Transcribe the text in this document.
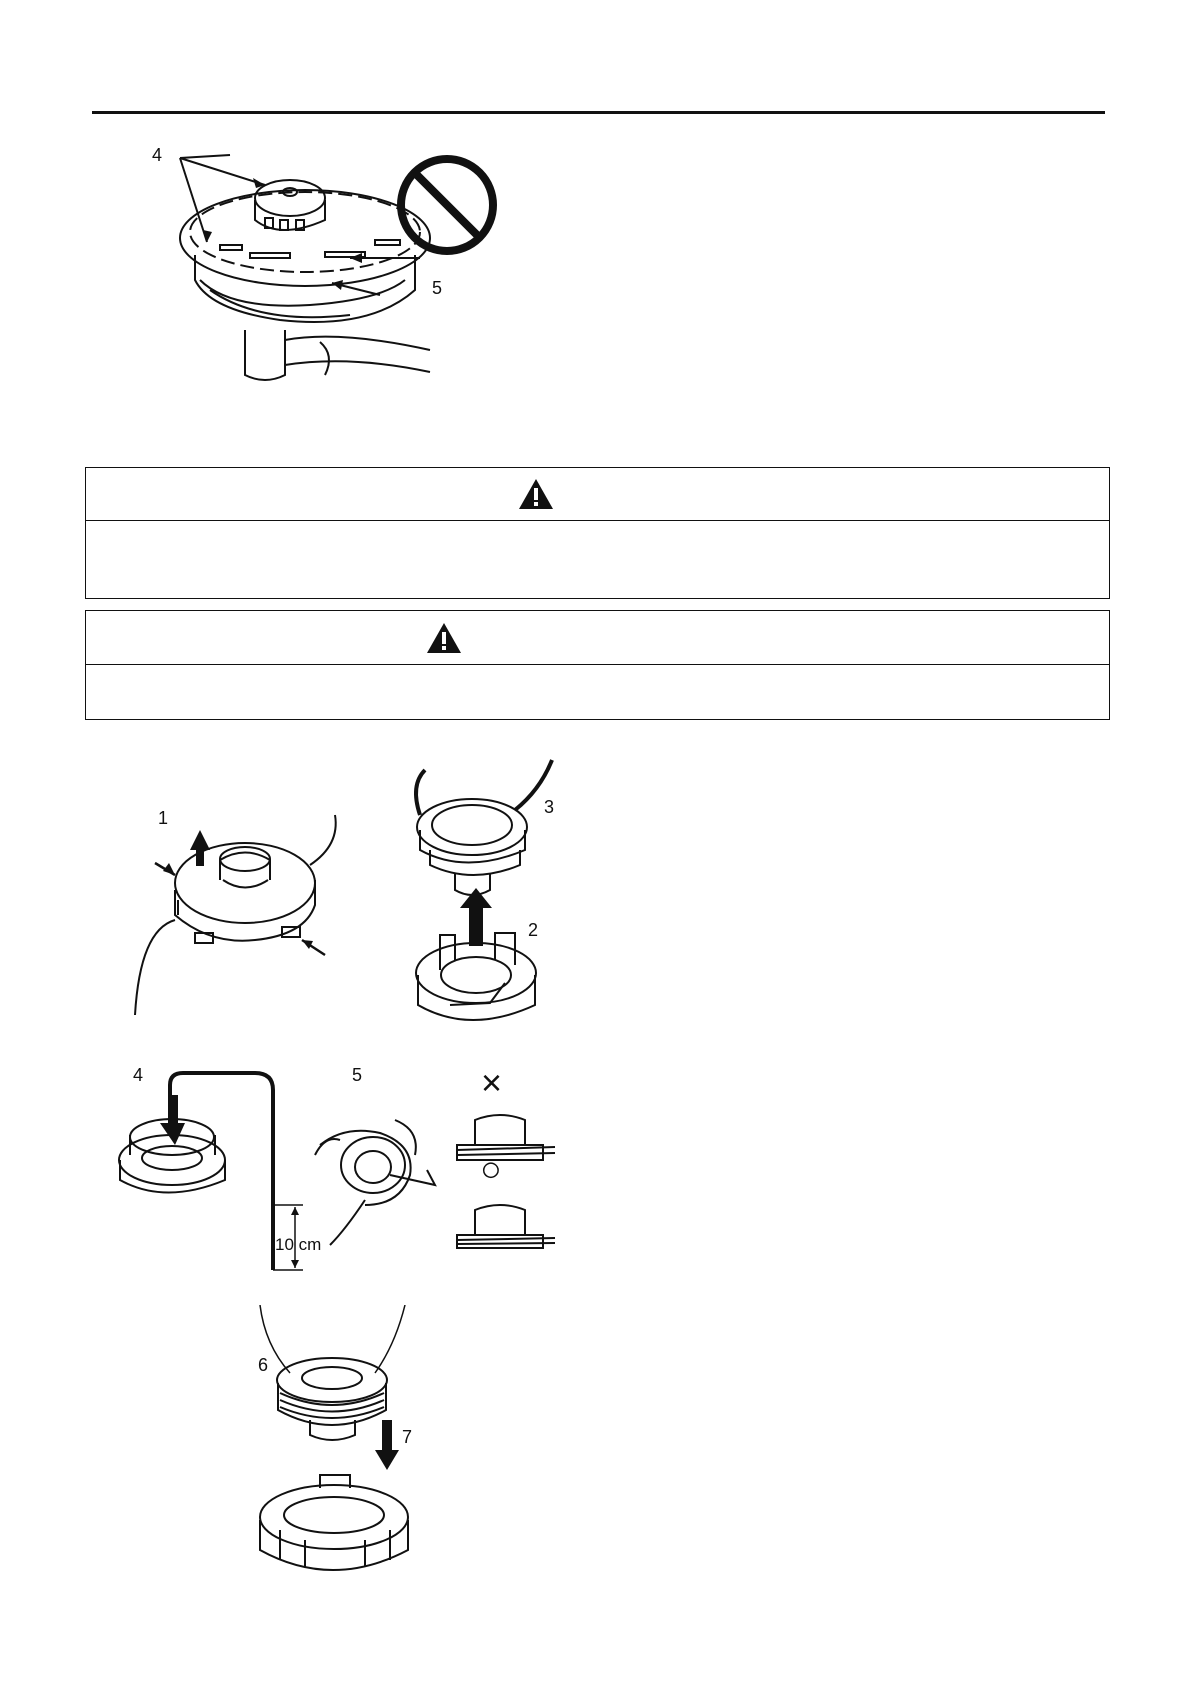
4
5
1
2
3
4	5
10 cm
×
○
6
7
